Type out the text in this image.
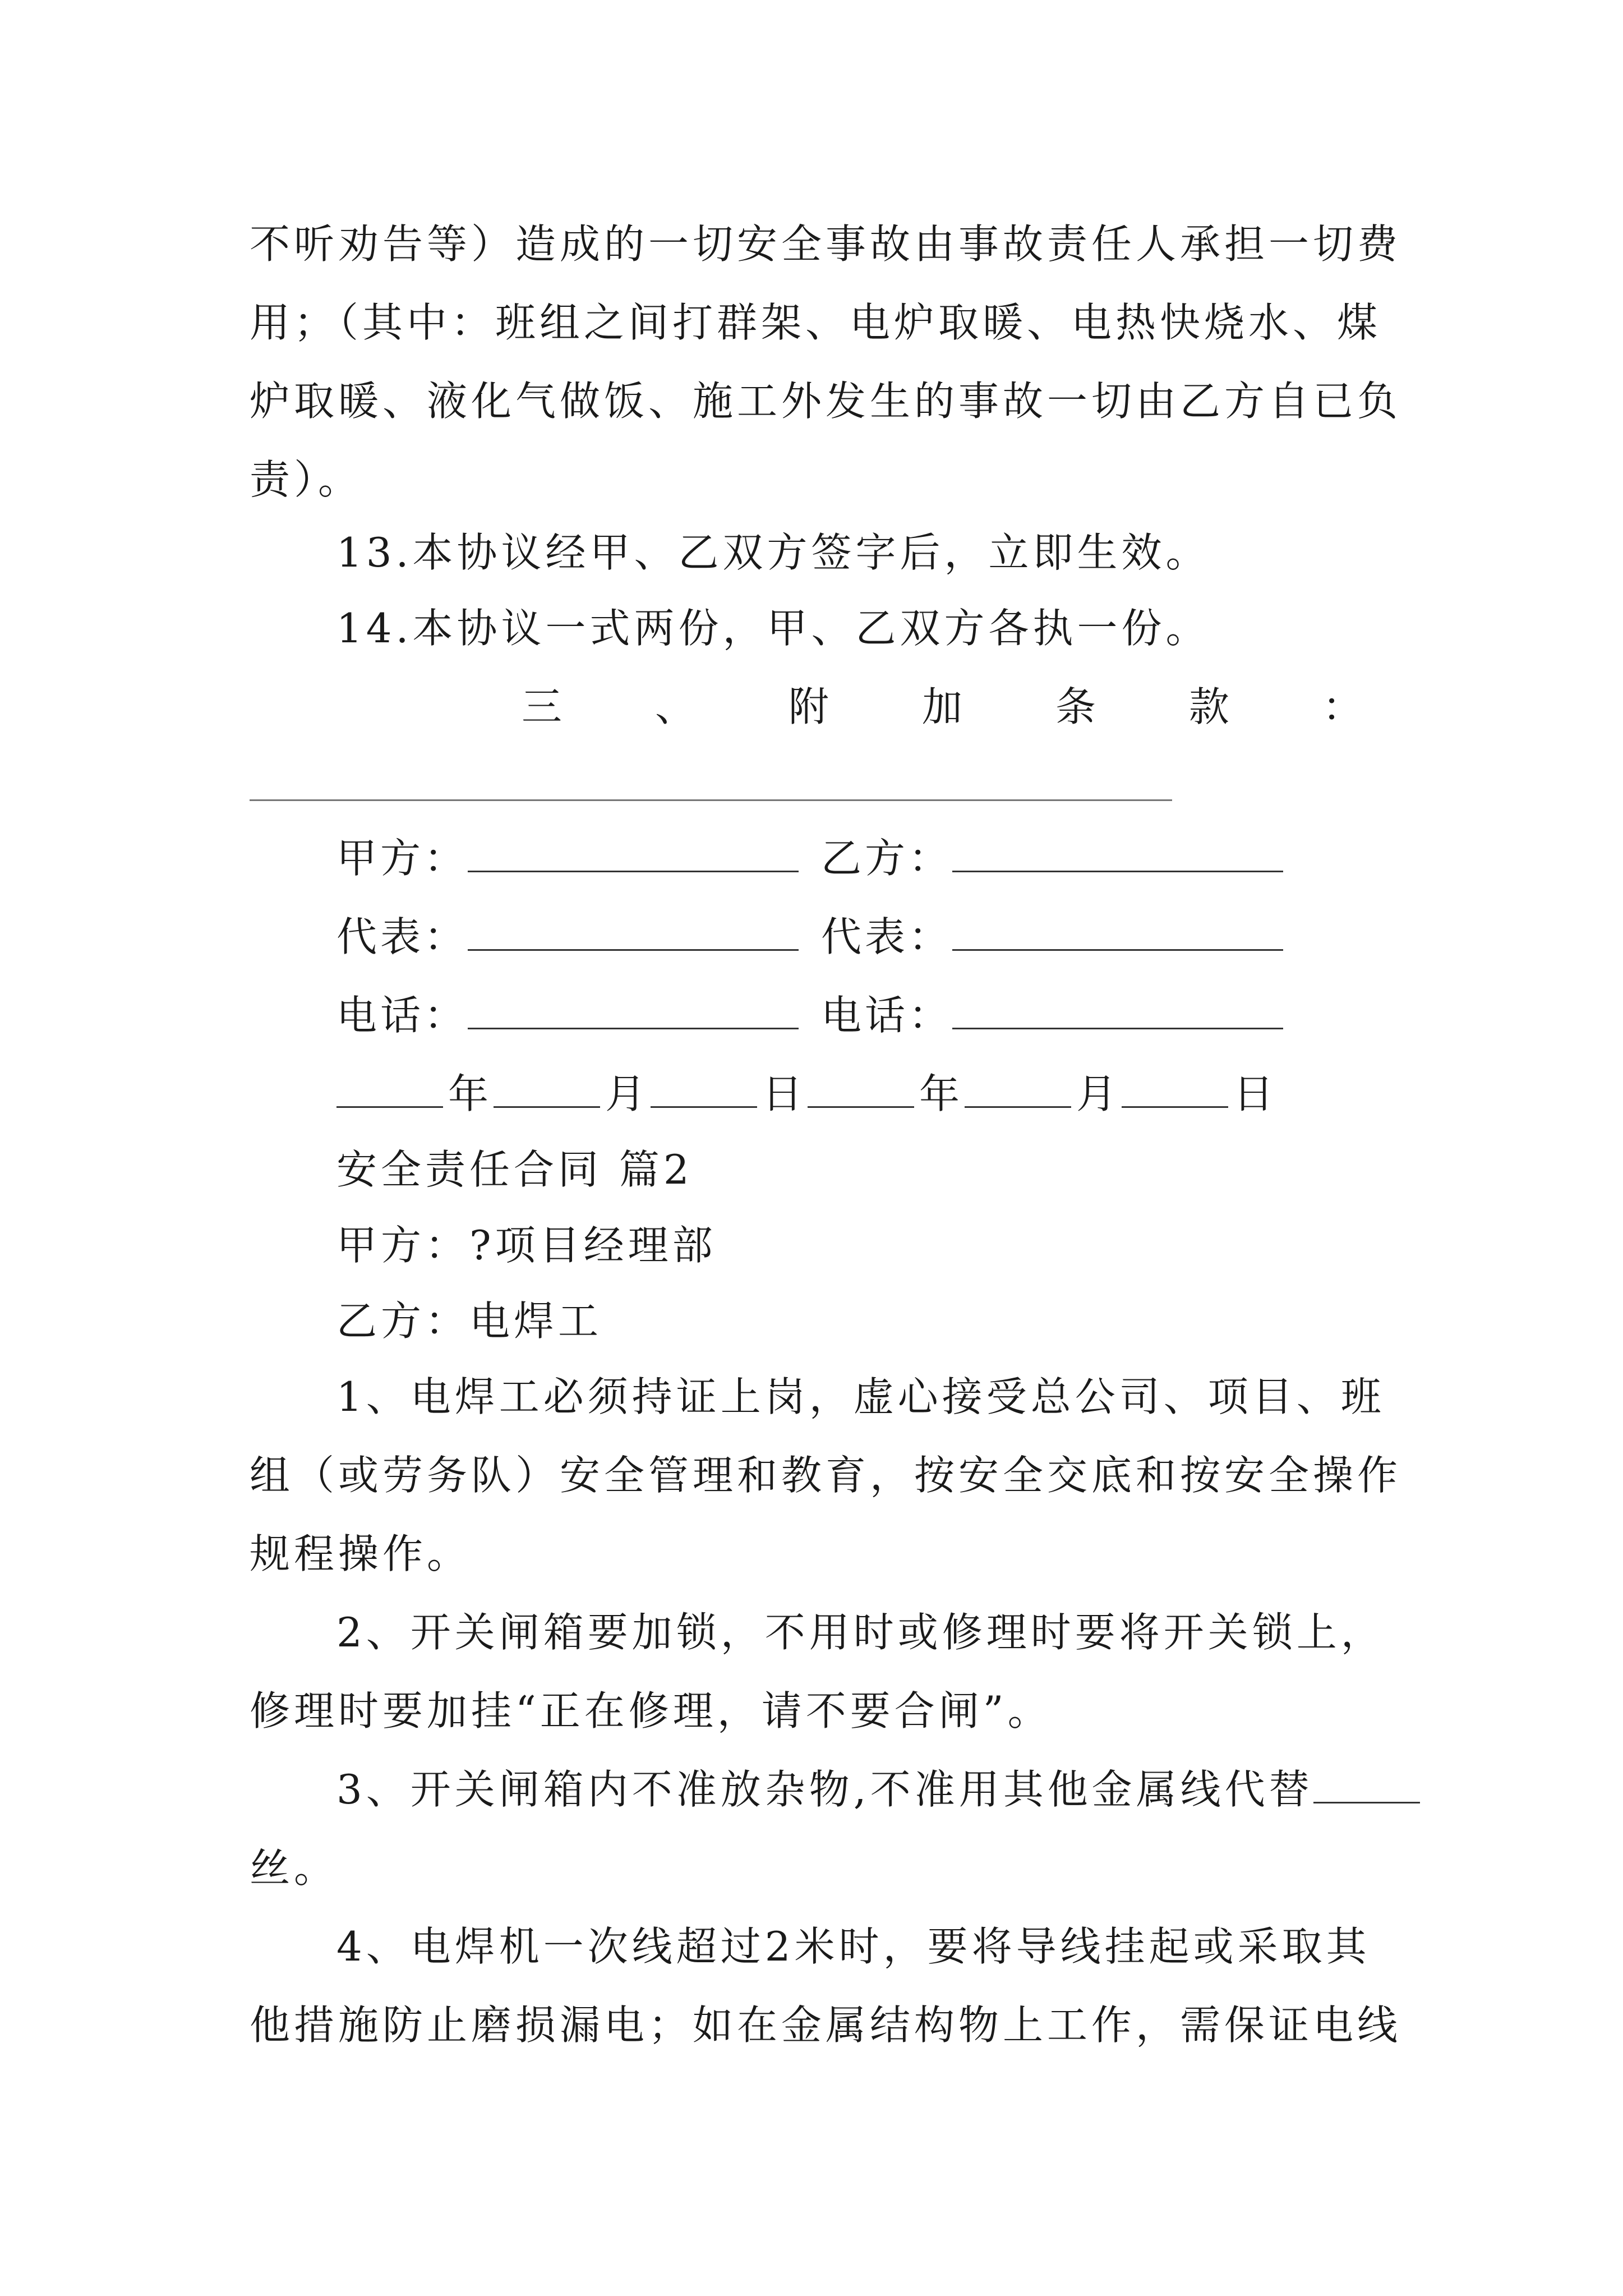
不听劝告等）造成的一切安全事故由事故责任人承担一切费
用；（其中：班组之间打群架、电炉取暖、电热快烧水、煤
炉取暖、液化气做饭、施工外发生的事故一切由乙方自已负
责）。
13.本协议经甲、乙双方签字后，立即生效。
14.本协议一式两份，甲、乙双方各执一份。
三 、 附 加 条 款 ：
甲方：	乙方：
代表：	代表：
电话：	电话：
年	月	日	年	月	日
安全责任合同 篇2
甲方：?项目经理部
乙方：电焊工
1、电焊工必须持证上岗，虚心接受总公司、项目、班
组（或劳务队）安全管理和教育，按安全交底和按安全操作
规程操作。
2、开关闸箱要加锁，不用时或修理时要将开关锁上，
修理时要加挂“正在修理，请不要合闸”。
3、开关闸箱内不准放杂物,不准用其他金属线代替
丝。
4、电焊机一次线超过2米时，要将导线挂起或采取其
他措施防止磨损漏电；如在金属结构物上工作，需保证电线
